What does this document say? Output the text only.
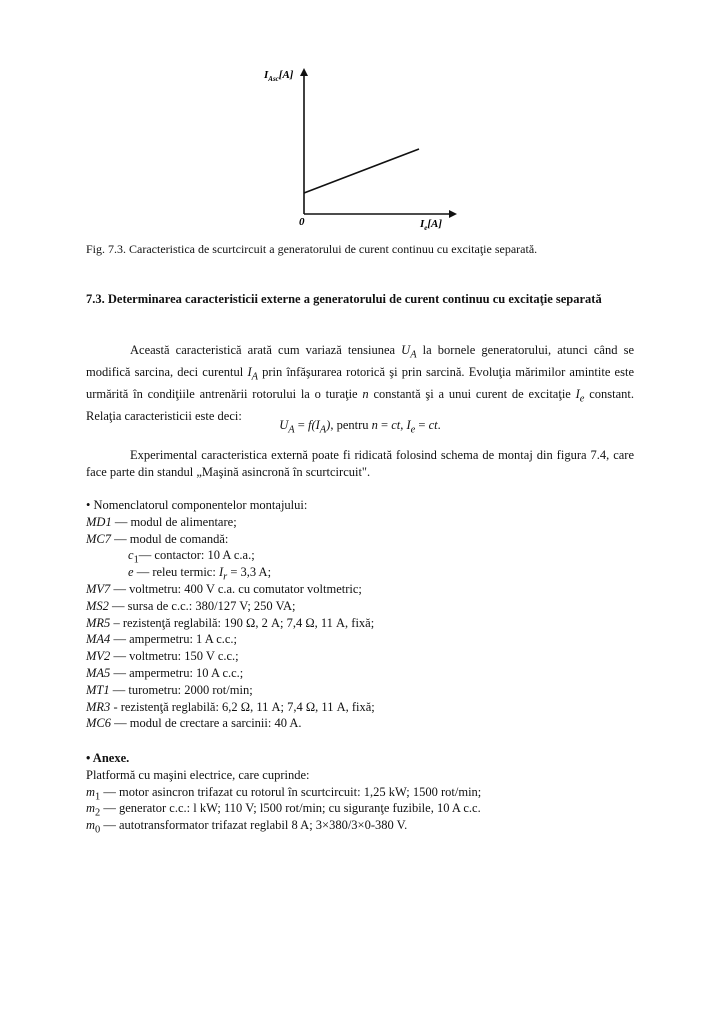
$I_{Asc}[A]$
0	$I_e[A]$
Fig. 7.3. Caracteristica de scurtcircuit a generatorului de curent continuu cu excitaţie separată.
7.3. Determinarea caracteristicii externe a generatorului de curent continuu cu excitaţie separată

Această caracteristică arată cum variază tensiunea $U_A$ la bornele generatorului, atunci când se modifică sarcina, deci curentul $I_A$ prin înfăşurarea rotorică şi prin sarcină. Evoluţia mărimilor amintite este urmărită în condiţiile antrenării rotorului la o turaţie n constantă şi a unui curent de excitaţie $I_e$ constant. Relaţia caracteristicii este deci:

$U_A = f(I_A)$, pentru n = ct, $I_e$ = ct.

Experimental caracteristica externă poate fi ridicată folosind schema de montaj din figura 7.4, care face parte din standul „Maşină asincronă în scurtcircuit".

• Nomenclatorul componentelor montajului:
MD1 — modul de alimentare;
MC7 — modul de comandă:
$c_1—$ contactor: 10 A c.a.;
e — releu termic: $I_r = 3,3$ A;
MV7 — voltmetru: 400 V c.a. cu comutator voltmetric;
MS2 — sursa de c.c.: 380/127 V; 250 VA;
MR5 – rezistenţă reglabilă: 190 Ω, 2 A; 7,4 Ω, 11 A, fixă;
MA4 — ampermetru: 1 A c.c.;
MV2 — voltmetru: 150 V c.c.;
MA5 — ampermetru: 10 A c.c.;
MT1 — turometru: 2000 rot/min;
MR3 - rezistenţă reglabilă: 6,2 Ω, 11 A; 7,4 Ω, 11 A, fixă;
MC6 — modul de crectare a sarcinii: 40 A.
• Anexe.
Platformă cu maşini electrice, care cuprinde:
$m_1$ — motor asincron trifazat cu rotorul în scurtcircuit: 1,25 kW; 1500 rot/min;
$m_2$ — generator c.c.: l kW; 110 V; l500 rot/min; cu siguranţe fuzibile, 10 A c.c.
$m_0$ — autotransformator trifazat reglabil 8 A; 3×380/3×0-380 V.
